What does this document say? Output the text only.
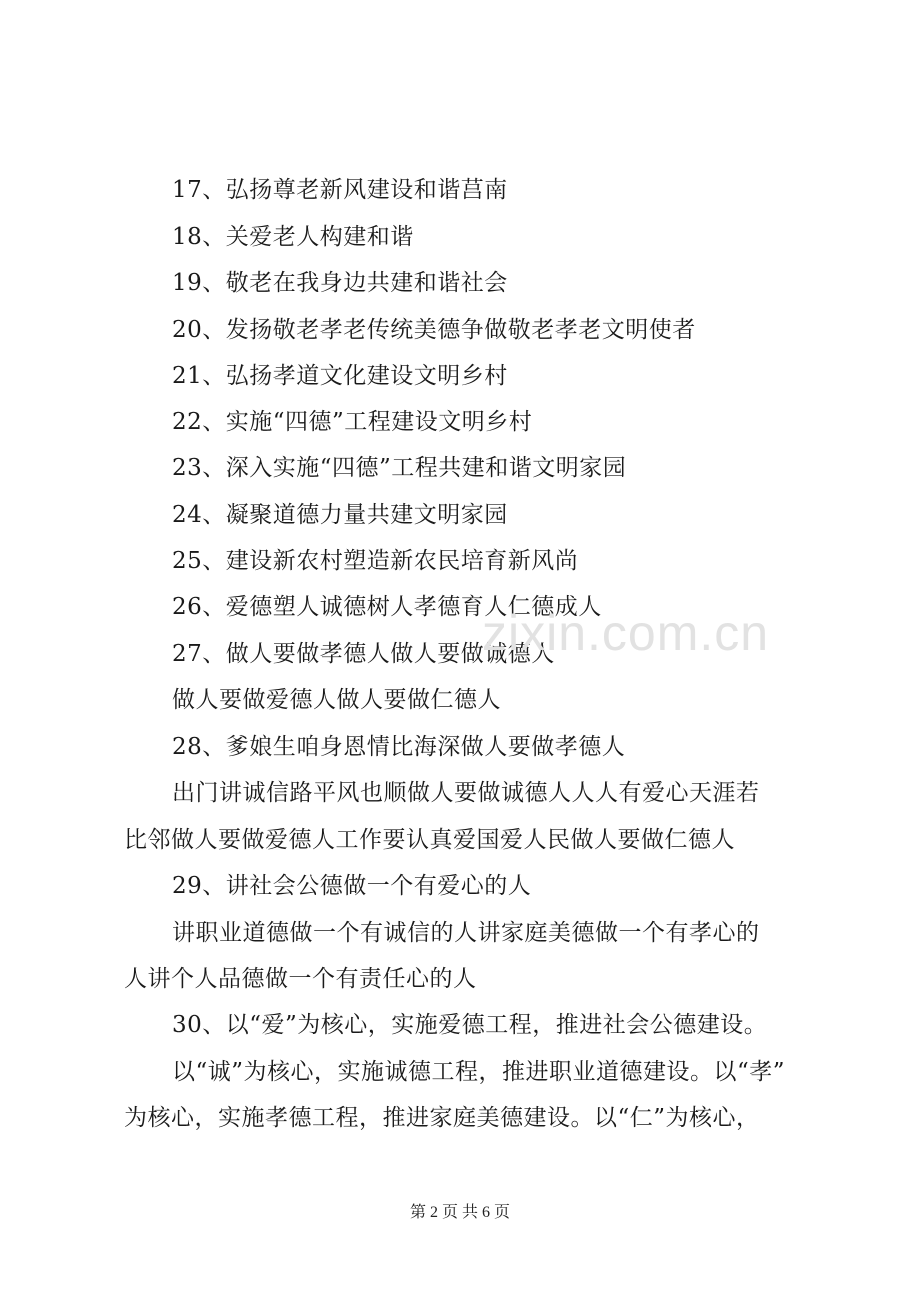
17、弘扬尊老新风建设和谐莒南
18、关爱老人构建和谐
19、敬老在我身边共建和谐社会
20、发扬敬老孝老传统美德争做敬老孝老文明使者
21、弘扬孝道文化建设文明乡村
22、实施“四德”工程建设文明乡村
23、深入实施“四德”工程共建和谐文明家园
24、凝聚道德力量共建文明家园
25、建设新农村塑造新农民培育新风尚
26、爱德塑人诚德树人孝德育人仁德成人
27、做人要做孝德人做人要做诚德人
做人要做爱德人做人要做仁德人
28、爹娘生咱身恩情比海深做人要做孝德人
出门讲诚信路平风也顺做人要做诚德人人人有爱心天涯若
比邻做人要做爱德人工作要认真爱国爱人民做人要做仁德人
29、讲社会公德做一个有爱心的人
讲职业道德做一个有诚信的人讲家庭美德做一个有孝心的
人讲个人品德做一个有责任心的人
30、以“爱”为核心，实施爱德工程，推进社会公德建设。
以“诚”为核心，实施诚德工程，推进职业道德建设。以“孝”
为核心，实施孝德工程，推进家庭美德建设。以“仁”为核心，
zixin.com.cn
第 2 页 共 6 页
